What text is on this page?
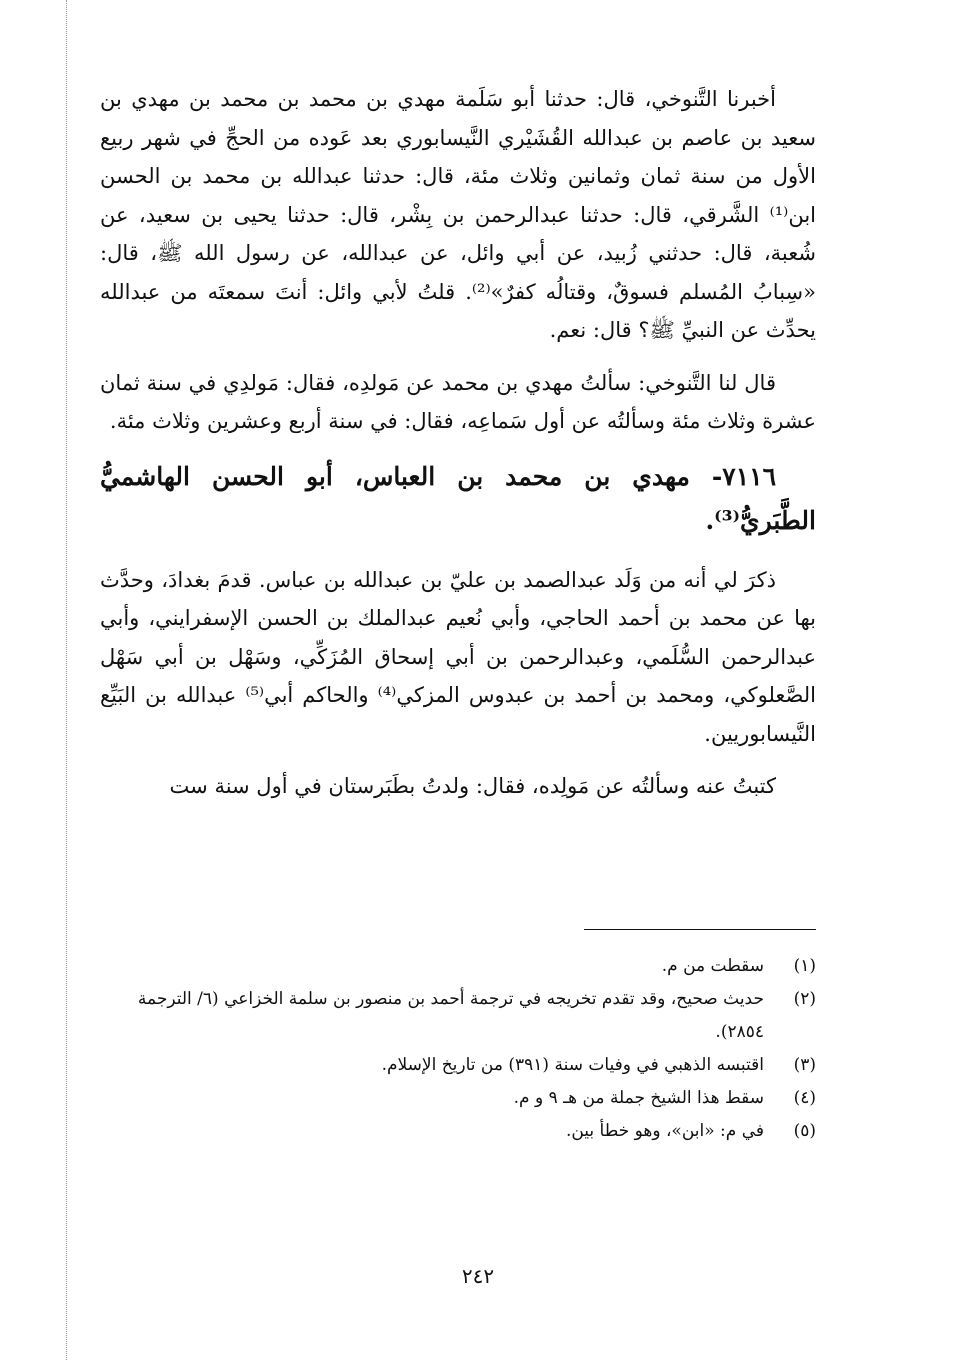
أخبرنا التَّنوخي، قال: حدثنا أبو سَلَمة مهدي بن محمد بن محمد بن مهدي بن سعيد بن عاصم بن عبدالله القُشَيْري النَّيسابوري بعد عَوده من الحجِّ في شهر ربيع الأول من سنة ثمان وثمانين وثلاث مئة، قال: حدثنا عبدالله بن محمد بن الحسن ابن⁽¹⁾ الشَّرقي، قال: حدثنا عبدالرحمن بن بِشْر، قال: حدثنا يحيى بن سعيد، عن شُعبة، قال: حدثني زُبيد، عن أبي وائل، عن عبدالله، عن رسول الله ﷺ، قال: «سِبابُ المُسلم فسوقٌ، وقتالُه كفرٌ»⁽²⁾. قلتُ لأبي وائل: أنتَ سمعتَه من عبدالله يحدِّث عن النبيِّ ﷺ؟ قال: نعم.

قال لنا التَّنوخي: سألتُ مهدي بن محمد عن مَولدِه، فقال: مَولدِي في سنة ثمان عشرة وثلاث مئة وسألتُه عن أول سَماعِه، فقال: في سنة أربع وعشرين وثلاث مئة.

٧١١٦- مهدي بن محمد بن العباس، أبو الحسن الهاشميُّ الطَّبَريُّ⁽³⁾.

ذكرَ لي أنه من وَلَد عبدالصمد بن عليّ بن عبدالله بن عباس. قدمَ بغدادَ، وحدَّث بها عن محمد بن أحمد الحاجي، وأبي نُعيم عبدالملك بن الحسن الإسفرايني، وأبي عبدالرحمن السُّلَمي، وعبدالرحمن بن أبي إسحاق المُزَكِّي، وسَهْل بن أبي سَهْل الصَّعلوكي، ومحمد بن أحمد بن عبدوس المزكي⁽⁴⁾ والحاكم أبي⁽⁵⁾ عبدالله بن البَيِّع النَّيسابوريين.

كتبتُ عنه وسألتُه عن مَولِده، فقال: ولدتُ بطَبَرستان في أول سنة ست

(١)
سقطت من م.

(٢)
حديث صحيح، وقد تقدم تخريجه في ترجمة أحمد بن منصور بن سلمة الخزاعي (٦/ الترجمة ٢٨٥٤).

(٣)
اقتبسه الذهبي في وفيات سنة (٣٩١) من تاريخ الإسلام.

(٤)
سقط هذا الشيخ جملة من هـ ٩ و م.

(٥)
في م: «ابن»، وهو خطأ بين.

٢٤٢
